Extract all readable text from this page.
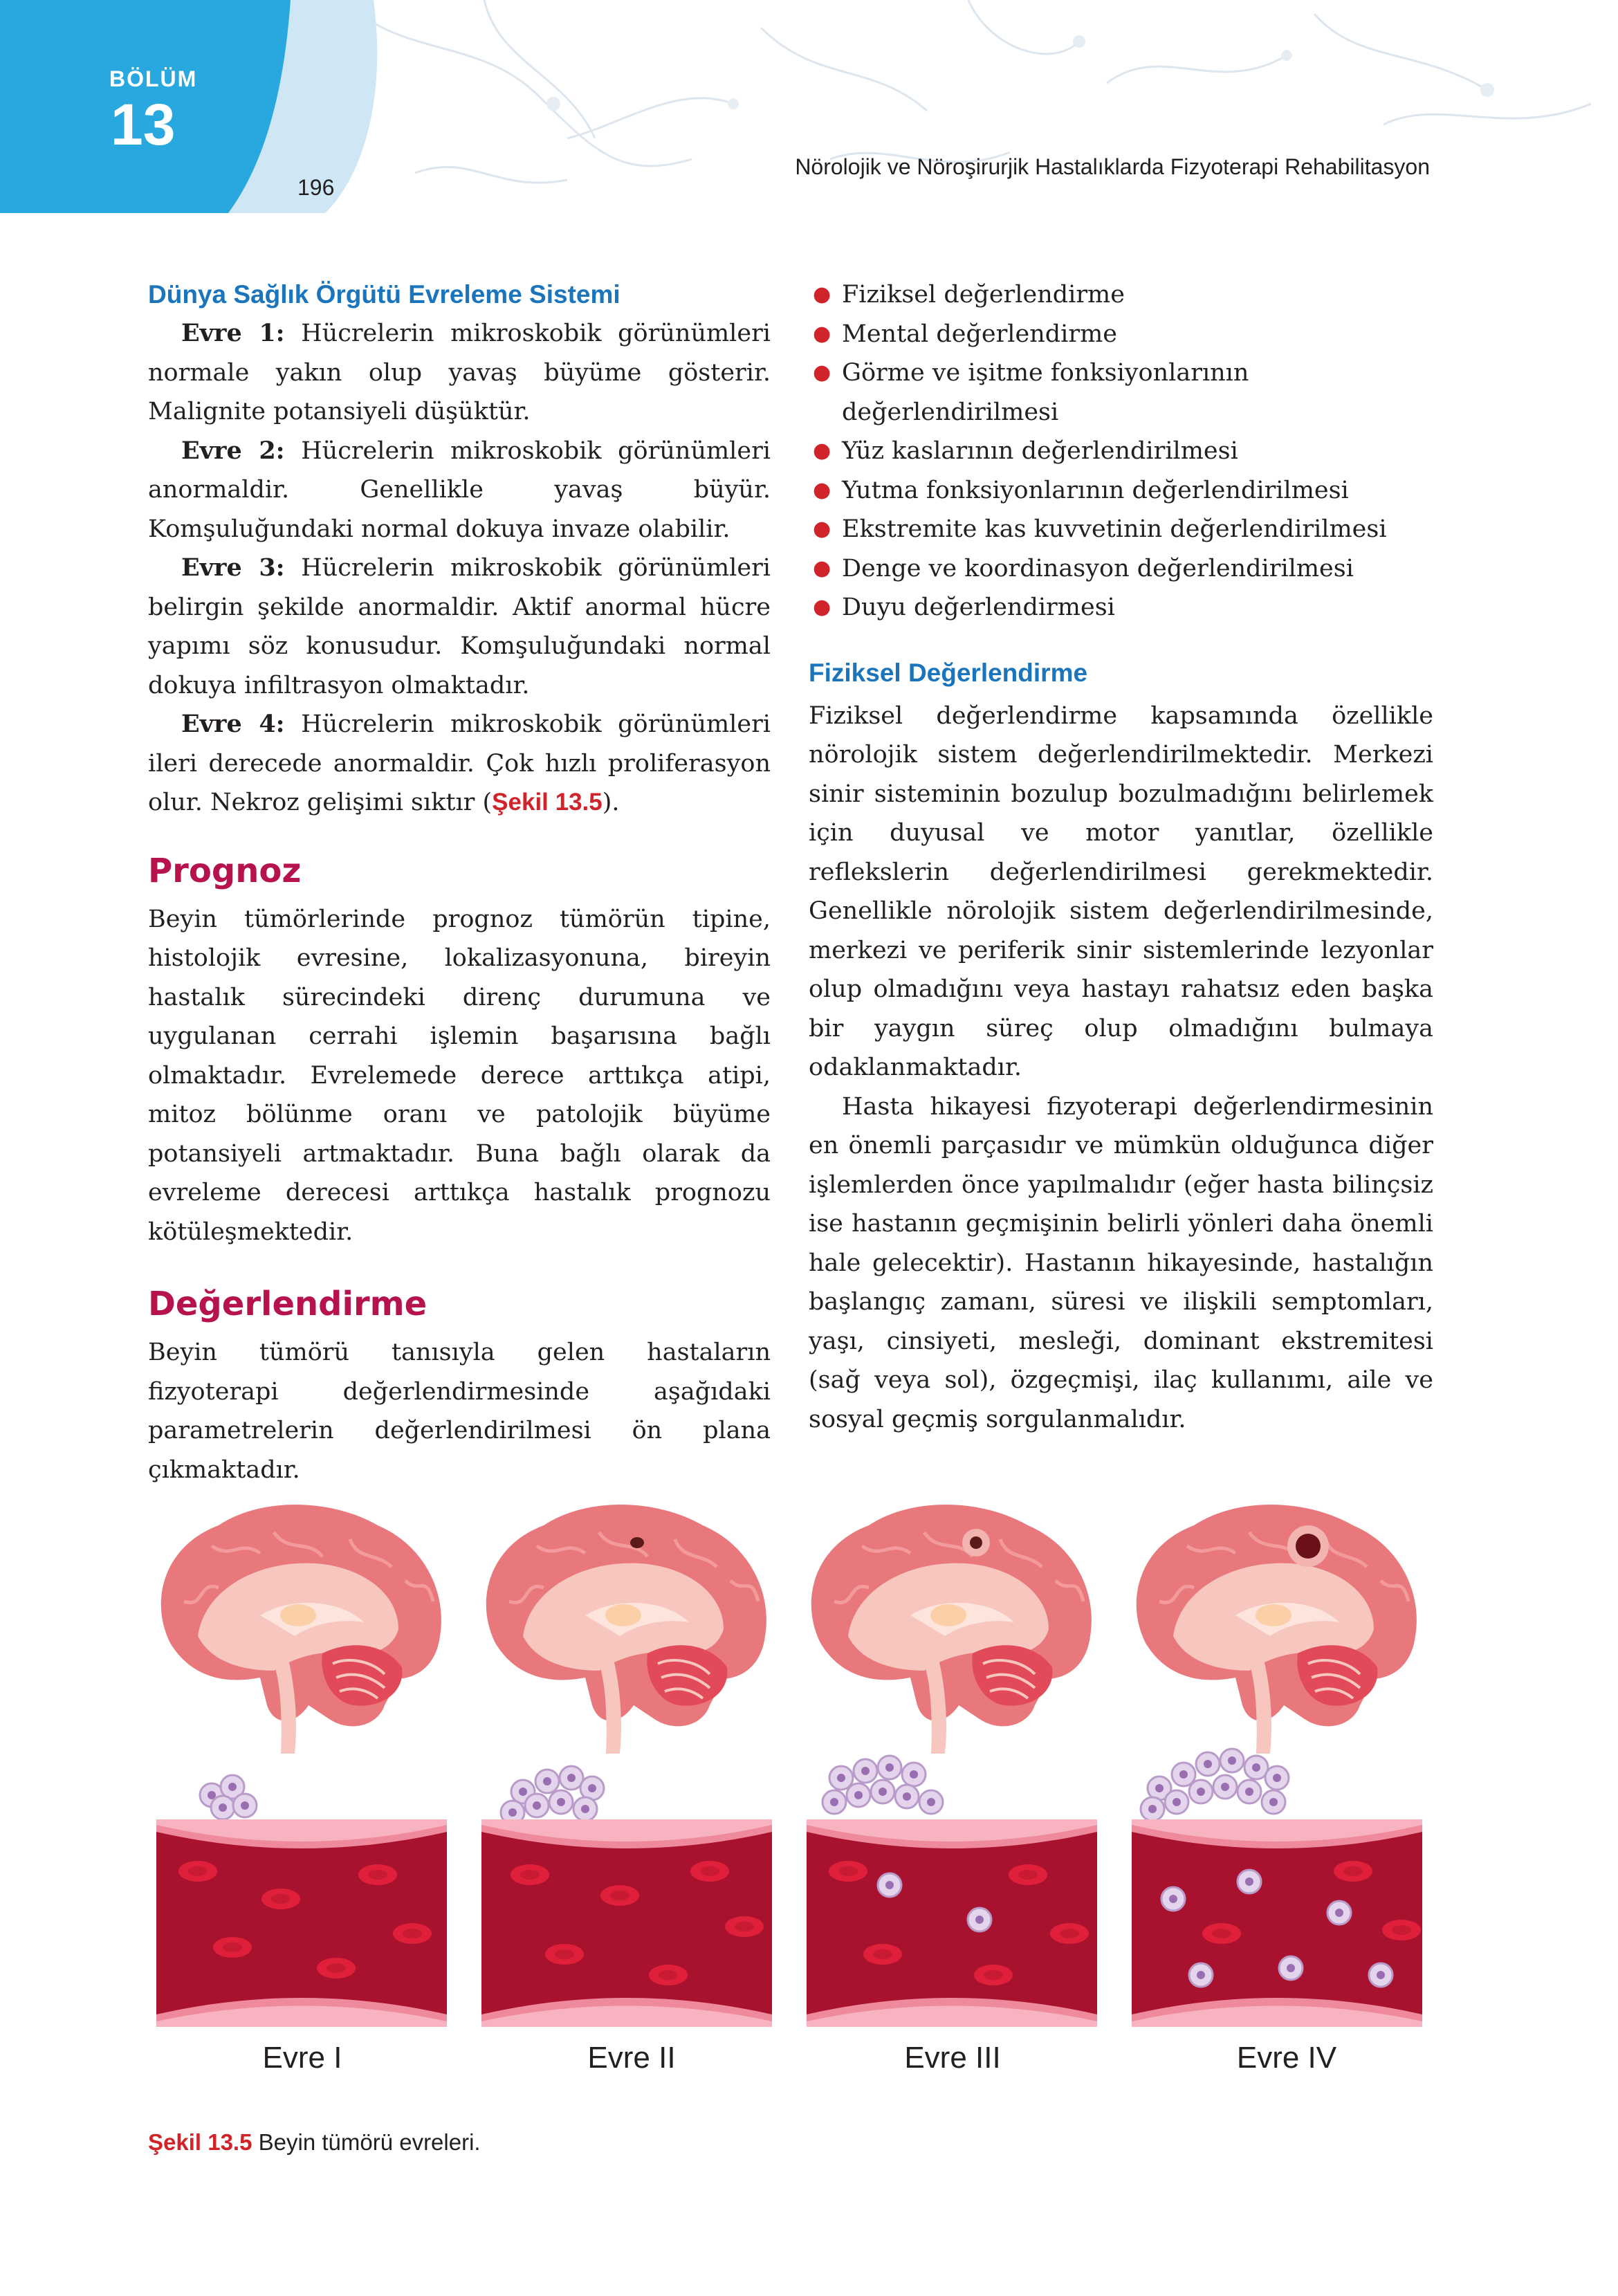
BÖLÜM
13
196
Nörolojik ve Nöroşirurjik Hastalıklarda Fizyoterapi Rehabilitasyon
Dünya Sağlık Örgütü Evreleme Sistemi

Evre 1: Hücrelerin mikroskobik görünümleri normale yakın olup yavaş büyüme gösterir. Malignite potansiyeli düşüktür.

Evre 2: Hücrelerin mikroskobik görünümleri anormaldir. Genellikle yavaş büyür. Komşuluğundaki normal dokuya invaze olabilir.

Evre 3: Hücrelerin mikroskobik görünümleri belirgin şekilde anormaldir. Aktif anormal hücre yapımı söz konusudur. Komşuluğundaki normal dokuya infiltrasyon olmaktadır.

Evre 4: Hücrelerin mikroskobik görünümleri ileri derecede anormaldir. Çok hızlı proliferasyon olur. Nekroz gelişimi sıktır (Şekil 13.5).

Prognoz

Beyin tümörlerinde prognoz tümörün tipine, histolojik evresine, lokalizasyonuna, bireyin hastalık sürecindeki direnç durumuna ve uygulanan cerrahi işlemin başarısına bağlı olmaktadır. Evrelemede derece arttıkça atipi, mitoz bölünme oranı ve patolojik büyüme potansiyeli artmaktadır. Buna bağlı olarak da evreleme derecesi arttıkça hastalık prognozu kötüleşmektedir.

Değerlendirme

Beyin tümörü tanısıyla gelen hastaların fizyoterapi değerlendirmesinde aşağıdaki parametrelerin değerlendirilmesi ön plana çıkmaktadır.

● Fiziksel değerlendirme
● Mental değerlendirme
● Görme ve işitme fonksiyonlarının değerlendirilmesi
● Yüz kaslarının değerlendirilmesi
● Yutma fonksiyonlarının değerlendirilmesi
● Ekstremite kas kuvvetinin değerlendirilmesi
● Denge ve koordinasyon değerlendirilmesi
● Duyu değerlendirmesi
Fiziksel Değerlendirme

Fiziksel değerlendirme kapsamında özellikle nörolojik sistem değerlendirilmektedir. Merkezi sinir sisteminin bozulup bozulmadığını belirlemek için duyusal ve motor yanıtlar, özellikle reflekslerin değerlendirilmesi gerekmektedir. Genellikle nörolojik sistem değerlendirilmesinde, merkezi ve periferik sinir sistemlerinde lezyonlar olup olmadığını veya hastayı rahatsız eden başka bir yaygın süreç olup olmadığını bulmaya odaklanmaktadır.

Hasta hikayesi fizyoterapi değerlendirmesinin en önemli parçasıdır ve mümkün olduğunca diğer işlemlerden önce yapılmalıdır (eğer hasta bilinçsiz ise hastanın geçmişinin belirli yönleri daha önemli hale gelecektir). Hastanın hikayesinde, hastalığın başlangıç zamanı, süresi ve ilişkili semptomları, yaşı, cinsiyeti, mesleği, dominant ekstremitesi (sağ veya sol), özgeçmişi, ilaç kullanımı, aile ve sosyal geçmiş sorgulanmalıdır.

Evre I	Evre II	Evre III	Evre IV
Şekil 13.5 Beyin tümörü evreleri.
